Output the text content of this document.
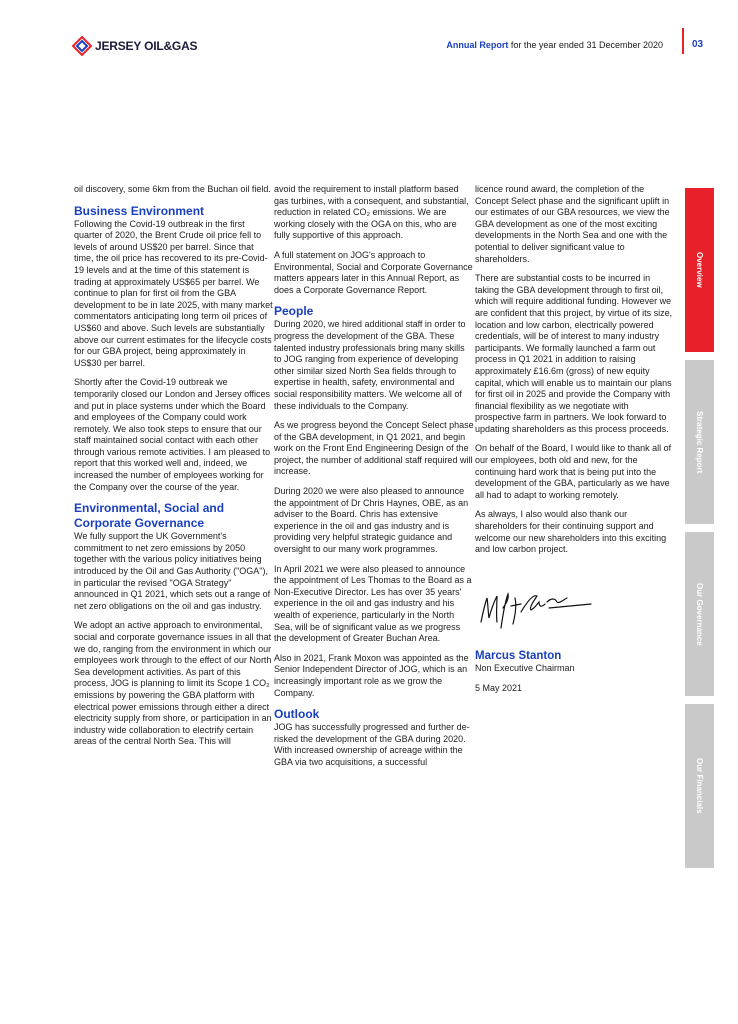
JERSEY OIL&GAS	Annual Report for the year ended 31 December 2020	03

oil discovery, some 6km from the Buchan oil field.

Business Environment

Following the Covid-19 outbreak in the first quarter of 2020, the Brent Crude oil price fell to levels of around US$20 per barrel. Since that time, the oil price has recovered to its pre-Covid-19 levels and at the time of this statement is trading at approximately US$65 per barrel. We continue to plan for first oil from the GBA development to be in late 2025, with many market commentators anticipating long term oil prices of US$60 and above. Such levels are substantially above our current estimates for the lifecycle costs for our GBA project, being approximately in US$30 per barrel.

Shortly after the Covid-19 outbreak we temporarily closed our London and Jersey offices and put in place systems under which the Board and employees of the Company could work remotely. We also took steps to ensure that our staff maintained social contact with each other through various remote activities. I am pleased to report that this worked well and, indeed, we increased the number of employees working for the Company over the course of the year.

Environmental, Social and Corporate Governance

We fully support the UK Government's commitment to net zero emissions by 2050 together with the various policy initiatives being introduced by the Oil and Gas Authority ("OGA"), in particular the revised "OGA Strategy" announced in Q1 2021, which sets out a range of net zero obligations on the oil and gas industry.

We adopt an active approach to environmental, social and corporate governance issues in all that we do, ranging from the environment in which our employees work through to the effect of our North Sea development activities. As part of this process, JOG is planning to limit its Scope 1 CO₂ emissions by powering the GBA platform with electrical power emissions through either a direct electricity supply from shore, or participation in an industry wide collaboration to electrify certain areas of the central North Sea. This will

avoid the requirement to install platform based gas turbines, with a consequent, and substantial, reduction in related CO₂ emissions. We are working closely with the OGA on this, who are fully supportive of this approach.

A full statement on JOG's approach to Environmental, Social and Corporate Governance matters appears later in this Annual Report, as does a Corporate Governance Report.

People

During 2020, we hired additional staff in order to progress the development of the GBA. These talented industry professionals bring many skills to JOG ranging from experience of developing other similar sized North Sea fields through to expertise in health, safety, environmental and social responsibility matters. We welcome all of these individuals to the Company.

As we progress beyond the Concept Select phase of the GBA development, in Q1 2021, and begin work on the Front End Engineering Design of the project, the number of additional staff required will increase.

During 2020 we were also pleased to announce the appointment of Dr Chris Haynes, OBE, as an adviser to the Board. Chris has extensive experience in the oil and gas industry and is providing very helpful strategic guidance and oversight to our many work programmes.

In April 2021 we were also pleased to announce the appointment of Les Thomas to the Board as a Non-Executive Director. Les has over 35 years' experience in the oil and gas industry and his wealth of experience, particularly in the North Sea, will be of significant value as we progress the development of Greater Buchan Area.

Also in 2021, Frank Moxon was appointed as the Senior Independent Director of JOG, which is an increasingly important role as we grow the Company.

Outlook

JOG has successfully progressed and further de-risked the development of the GBA during 2020. With increased ownership of acreage within the GBA via two acquisitions, a successful

licence round award, the completion of the Concept Select phase and the significant uplift in our estimates of our GBA resources, we view the GBA development as one of the most exciting developments in the North Sea and one with the potential to deliver significant value to shareholders.

There are substantial costs to be incurred in taking the GBA development through to first oil, which will require additional funding. However we are confident that this project, by virtue of its size, location and low carbon, electrically powered credentials, will be of interest to many industry participants. We formally launched a farm out process in Q1 2021 in addition to raising approximately £16.6m (gross) of new equity capital, which will enable us to maintain our plans for first oil in 2025 and provide the Company with financial flexibility as we negotiate with prospective farm in partners. We look forward to updating shareholders as this process proceeds.

On behalf of the Board, I would like to thank all of our employees, both old and new, for the continuing hard work that is being put into the development of the GBA, particularly as we have all had to adapt to working remotely.

As always, I also would also thank our shareholders for their continuing support and welcome our new shareholders into this exciting and low carbon project.

Marcus Stanton

Non Executive Chairman

5 May 2021

Overview
Strategic Report
Our Governance
Our Financials
